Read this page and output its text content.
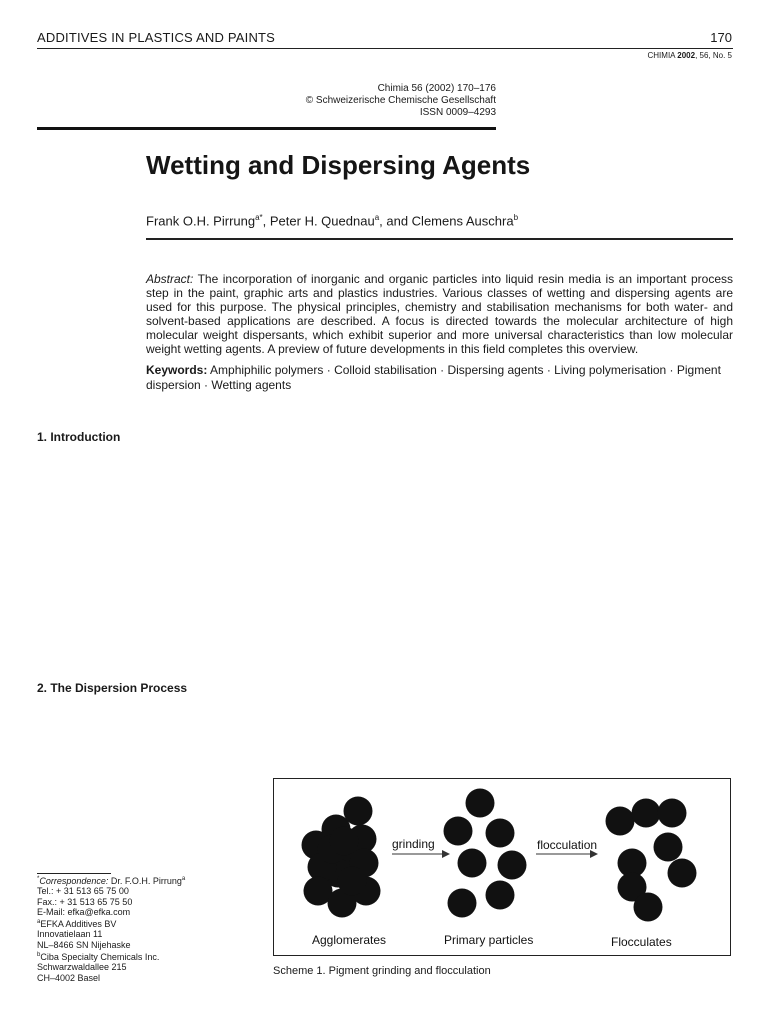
ADDITIVES IN PLASTICS AND PAINTS	170
CHIMIA 2002, 56, No. 5
Chimia 56 (2002) 170–176
© Schweizerische Chemische Gesellschaft
ISSN 0009–4293
Wetting and Dispersing Agents
Frank O.H. Pirrung$^{a*}$, Peter H. Quednau$^a$, and Clemens Auschra$^b$
Abstract: The incorporation of inorganic and organic particles into liquid resin media is an important process step in the paint, graphic arts and plastics industries. Various classes of wetting and dispersing agents are used for this purpose. The physical principles, chemistry and stabilisation mechanisms for both water- and solvent-based applications are described. A focus is directed towards the molecular architecture of high molecular weight dispersants, which exhibit superior and more universal characteristics than low molecular weight wetting agents. A preview of future developments in this field completes this overview.
Keywords: Amphiphilic polymers · Colloid stabilisation · Dispersing agents · Living polymerisation · Pigment dispersion · Wetting agents
1. Introduction
2. The Dispersion Process
*Correspondence: Dr. F.O.H. Pirrung$^a$
Tel.: + 31 513 65 75 00
Fax.: + 31 513 65 75 50
E-Mail: efka@efka.com
$^a$EFKA Additives BV
Innovatielaan 11
NL–8466 SN Nijehaske
$^b$Ciba Specialty Chemicals Inc.
Schwarzwaldallee 215
CH–4002 Basel
grinding	flocculation
Agglomerates	Primary particles	Flocculates
Scheme 1. Pigment grinding and flocculation
